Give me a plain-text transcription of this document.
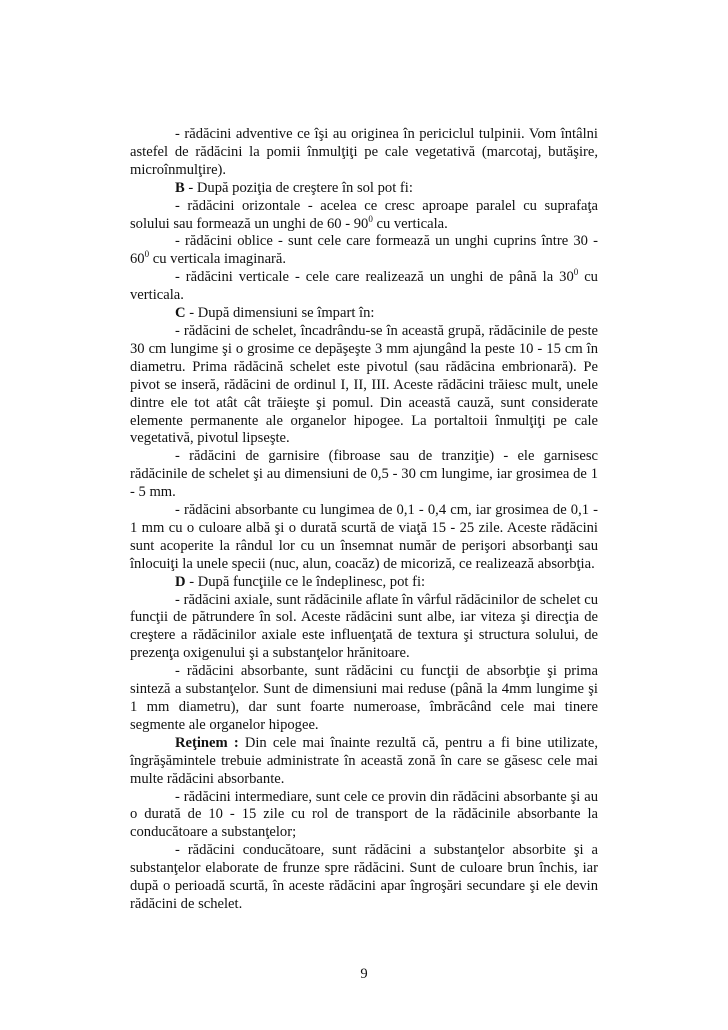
- rădăcini adventive ce îşi au originea în periciclul tulpinii. Vom întâlni astefel de rădăcini la pomii înmulţiţi pe cale vegetativă (marcotaj, butăşire, microînmulţire).

B - După poziţia de creştere în sol pot fi:

- rădăcini orizontale - acelea ce cresc aproape paralel cu suprafaţa solului sau formează un unghi de $60 - 90^0$ cu verticala.

- rădăcini oblice - sunt cele care formează un unghi cuprins între $30 - 60^0$ cu verticala imaginară.

- rădăcini verticale - cele care realizează un unghi de până la $30^0$ cu verticala.

C - După dimensiuni se împart în:

- rădăcini de schelet, încadrându-se în această grupă, rădăcinile de peste 30 cm lungime şi o grosime ce depăşeşte 3 mm ajungând la peste 10 - 15 cm în diametru. Prima rădăcină schelet este pivotul (sau rădăcina embrionară). Pe pivot se inseră, rădăcini de ordinul I, II, III. Aceste rădăcini trăiesc mult, unele dintre ele tot atât cât trăieşte şi pomul. Din această cauză, sunt considerate elemente permanente ale organelor hipogee. La portaltoii înmulţiţi pe cale vegetativă, pivotul lipseşte.

- rădăcini de garnisire (fibroase sau de tranziţie) - ele garnisesc rădăcinile de schelet şi au dimensiuni de 0,5 - 30 cm lungime, iar grosimea de 1 - 5 mm.

- rădăcini absorbante cu lungimea de 0,1 - 0,4 cm, iar grosimea de 0,1 - 1 mm cu o culoare albă şi o durată scurtă de viaţă 15 - 25 zile. Aceste rădăcini sunt acoperite la rândul lor cu un însemnat număr de perişori absorbanţi sau înlocuiţi la unele specii (nuc, alun, coacăz) de micoriză, ce realizează absorbţia.

D - După funcţiile ce le îndeplinesc, pot fi:

- rădăcini axiale, sunt rădăcinile aflate în vârful rădăcinilor de schelet cu funcţii de pătrundere în sol. Aceste rădăcini sunt albe, iar viteza şi direcţia de creştere a rădăcinilor axiale este influenţată de textura şi structura solului, de prezenţa oxigenului şi a substanţelor hrănitoare.

- rădăcini absorbante, sunt rădăcini cu funcţii de absorbţie şi prima sinteză a substanţelor. Sunt de dimensiuni mai reduse (până la 4mm lungime şi 1 mm diametru), dar sunt foarte numeroase, îmbrăcând cele mai tinere segmente ale organelor hipogee.

Reţinem : Din cele mai înainte rezultă că, pentru a fi bine utilizate, îngrăşămintele trebuie administrate în această zonă în care se găsesc cele mai multe rădăcini absorbante.

- rădăcini intermediare, sunt cele ce provin din rădăcini absorbante şi au o durată de 10 - 15 zile cu rol de transport de la rădăcinile absorbante la conducătoare a substanţelor;

- rădăcini conducătoare, sunt rădăcini a substanţelor absorbite şi a substanţelor elaborate de frunze spre rădăcini. Sunt de culoare brun închis, iar după o perioadă scurtă, în aceste rădăcini apar îngroşări secundare şi ele devin rădăcini de schelet.

9
